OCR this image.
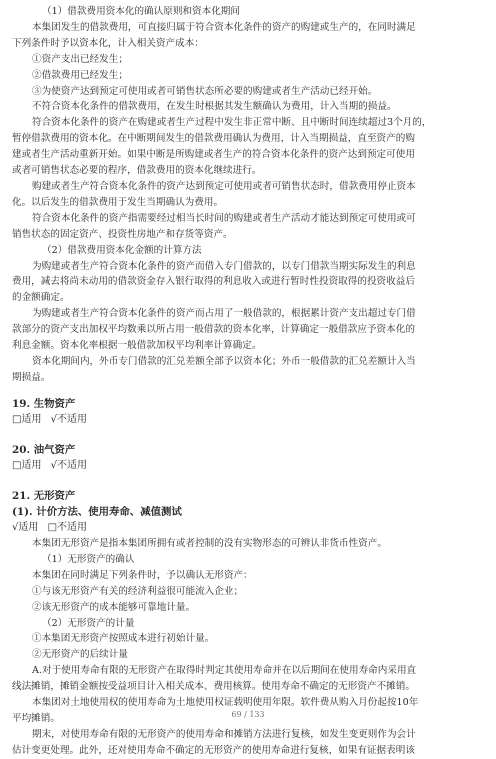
（1）借款费用资本化的确认原则和资本化期间
本集团发生的借款费用，可直接归属于符合资本化条件的资产的购建或生产的，在同时满足
下列条件时予以资本化，计入相关资产成本：
①资产支出已经发生；
②借款费用已经发生；
③为使资产达到预定可使用或者可销售状态所必要的购建或者生产活动已经开始。
不符合资本化条件的借款费用，在发生时根据其发生额确认为费用，计入当期的损益。
符合资本化条件的资产在购建或者生产过程中发生非正常中断、且中断时间连续超过3个月的，
暂停借款费用的资本化。在中断期间发生的借款费用确认为费用，计入当期损益，直至资产的购
建或者生产活动重新开始。如果中断是所购建或者生产的符合资本化条件的资产达到预定可使用
或者可销售状态必要的程序，借款费用的资本化继续进行。
购建或者生产符合资本化条件的资产达到预定可使用或者可销售状态时，借款费用停止资本
化。以后发生的借款费用于发生当期确认为费用。
符合资本化条件的资产指需要经过相当长时间的购建或者生产活动才能达到预定可使用或可
销售状态的固定资产、投资性房地产和存货等资产。
（2）借款费用资本化金额的计算方法
为购建或者生产符合资本化条件的资产而借入专门借款的，以专门借款当期实际发生的利息
费用，减去将尚未动用的借款资金存入银行取得的利息收入或进行暂时性投资取得的投资收益后
的金额确定。
为购建或者生产符合资本化条件的资产而占用了一般借款的，根据累计资产支出超过专门借
款部分的资产支出加权平均数乘以所占用一般借款的资本化率，计算确定一般借款应予资本化的
利息金额。资本化率根据一般借款加权平均利率计算确定。
资本化期间内，外币专门借款的汇兑差额全部予以资本化；外币一般借款的汇兑差额计入当
期损益。
19. 生物资产
□适用 √不适用
20. 油气资产
□适用 √不适用
21. 无形资产
(1). 计价方法、使用寿命、减值测试
√适用 □不适用
本集团无形资产是指本集团所拥有或者控制的没有实物形态的可辨认非货币性资产。
（1）无形资产的确认
本集团在同时满足下列条件时，予以确认无形资产：
①与该无形资产有关的经济利益很可能流入企业；
②该无形资产的成本能够可靠地计量。
（2）无形资产的计量
①本集团无形资产按照成本进行初始计量。
②无形资产的后续计量
A.对于使用寿命有限的无形资产在取得时判定其使用寿命并在以后期间在使用寿命内采用直
线法摊销，摊销金额按受益项目计入相关成本、费用核算。使用寿命不确定的无形资产不摊销。
本集团对土地使用权的使用寿命为土地使用权证载明使用年限。软件费从购入月份起按10年
平均摊销。
期末，对使用寿命有限的无形资产的使用寿命和摊销方法进行复核，如发生变更则作为会计
估计变更处理。此外，还对使用寿命不确定的无形资产的使用寿命进行复核，如果有证据表明该
69 / 133
